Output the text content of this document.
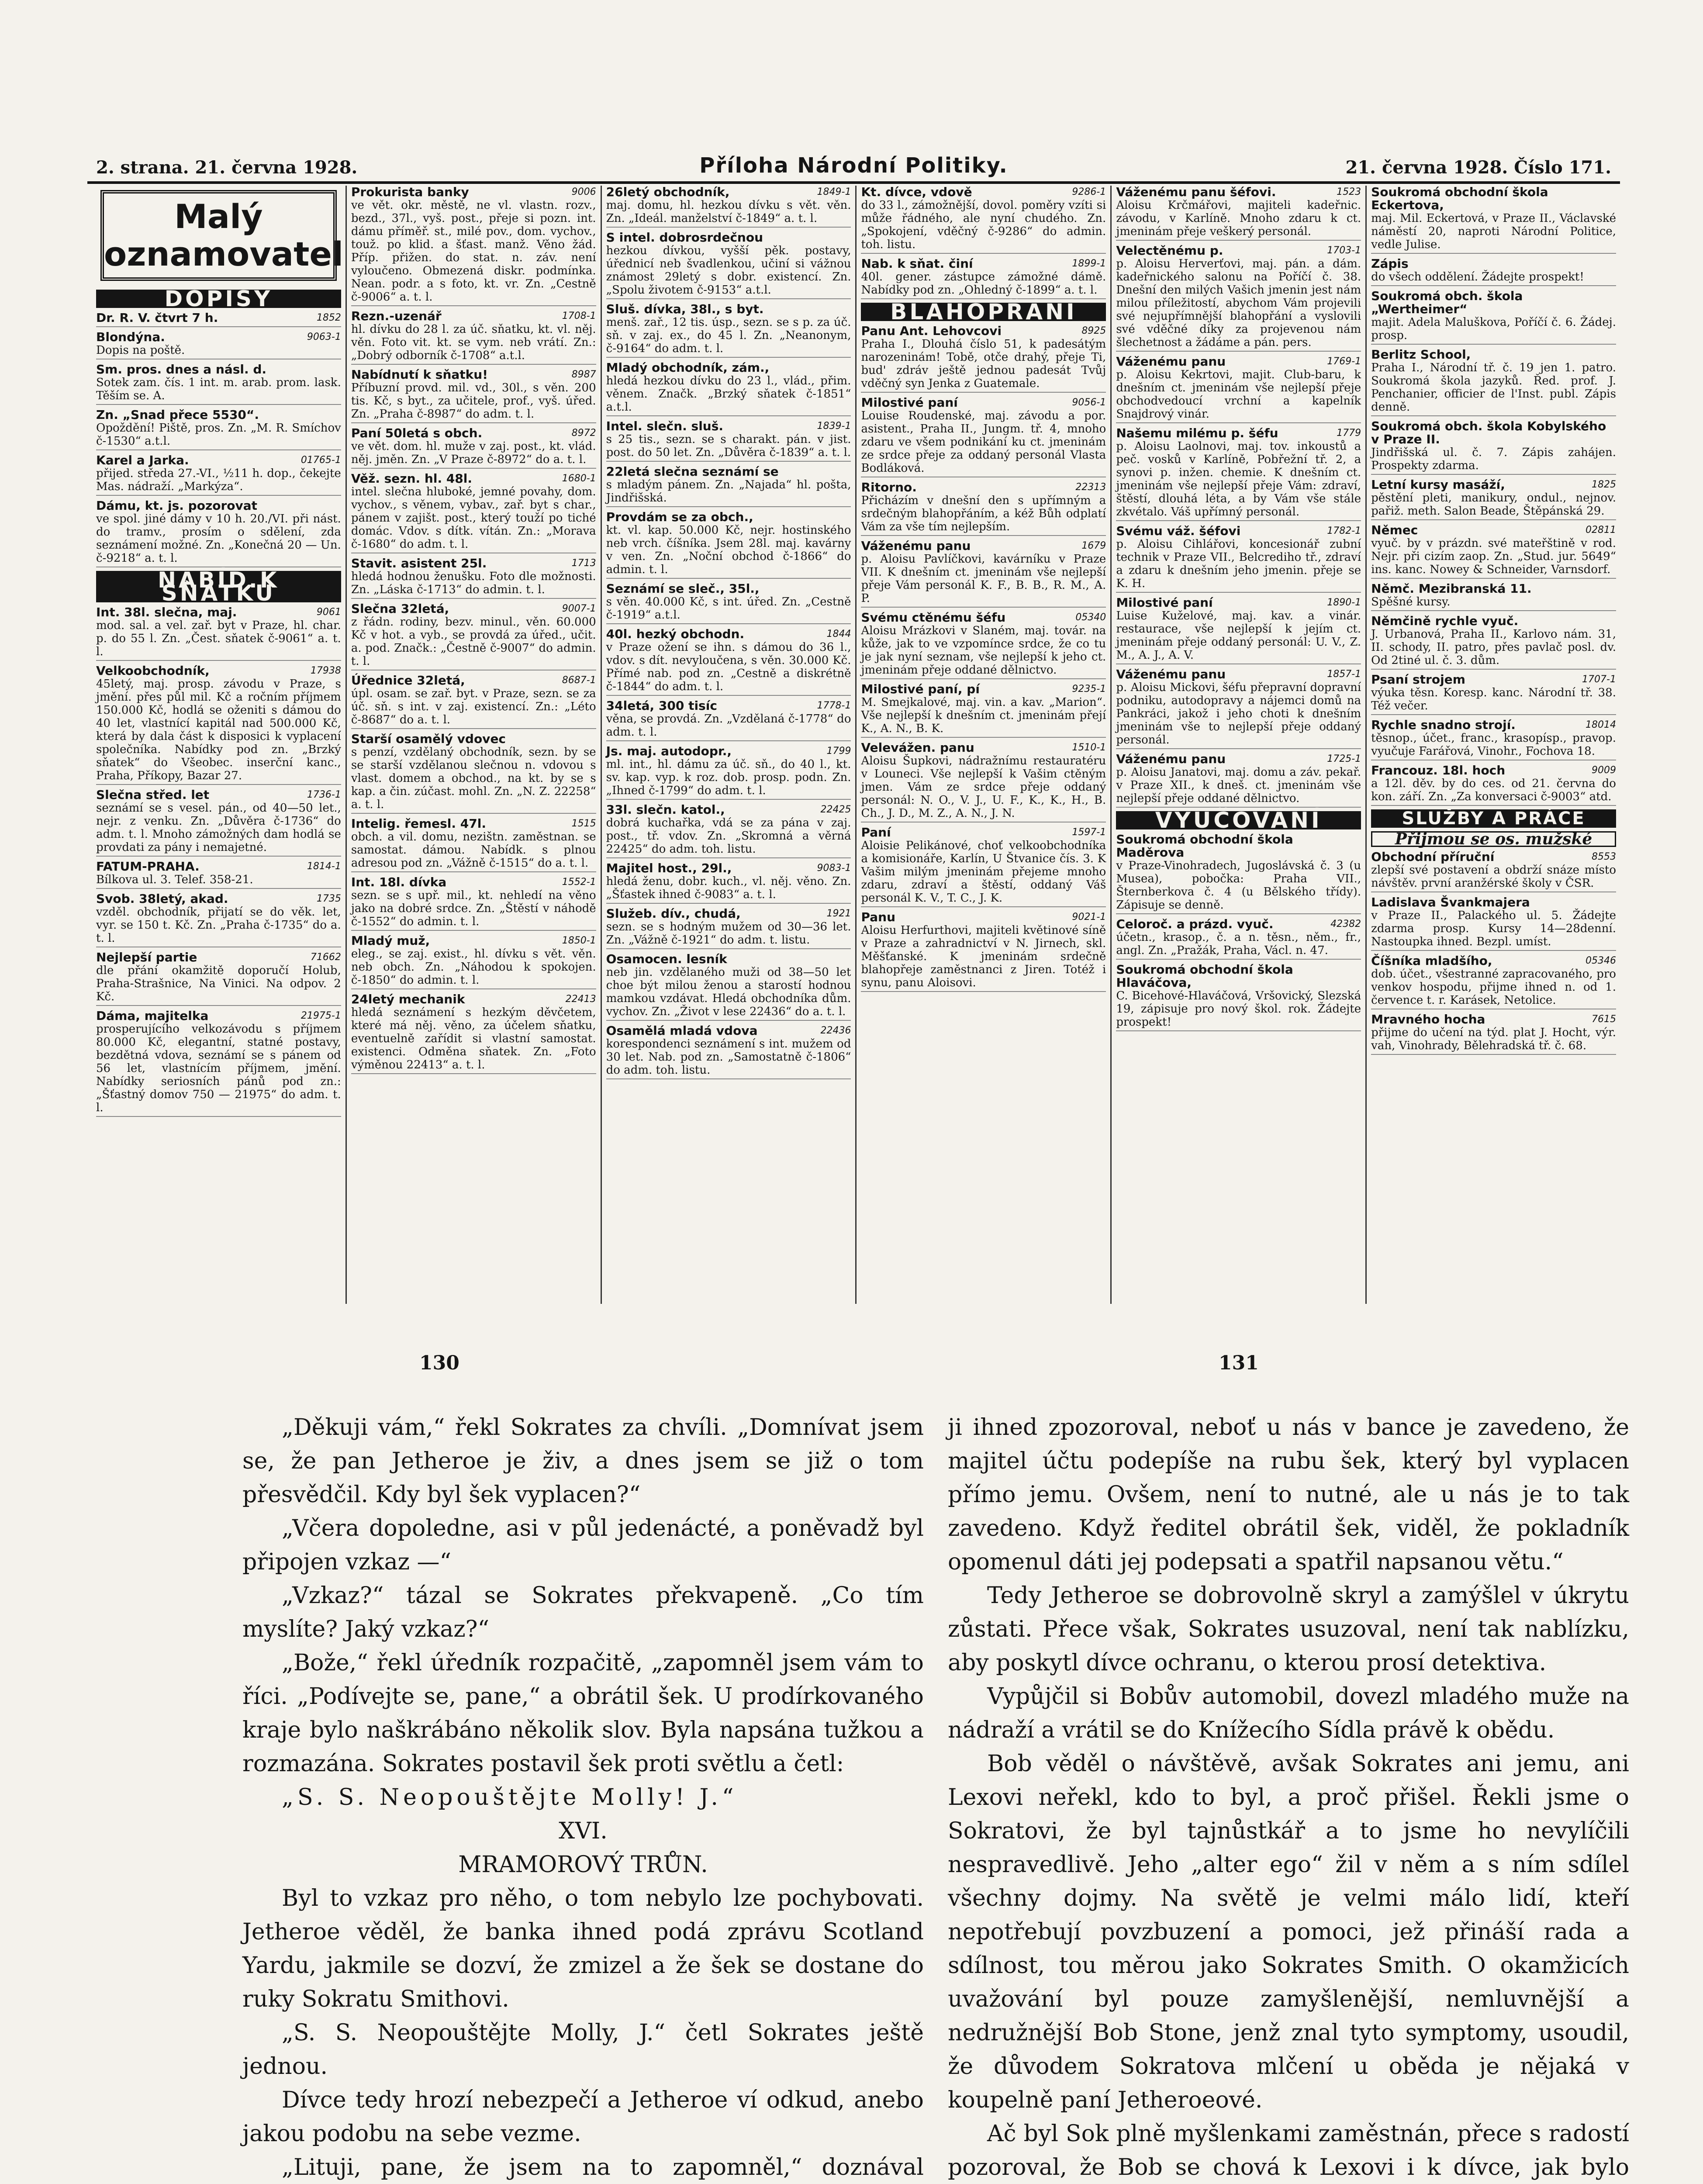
2. strana. 21. června 1928.	Příloha Národní Politiky.	21. června 1928. Číslo 171.
Malý oznamovatel
DOPISY
1852
Dr. R. V. čtvrt 7 h.
9063-1
Blondýna.
Dopis na poště.
Sm. pros. dnes a násl. d.
Sotek zam. čís. 1 int. m. arab. prom. lask. Těším se. A.
Zn. „Snad přece 5530“.
Opoždění! Piště, pros. Zn. „M. R. Smíchov č-1530“ a.t.l.
01765-1
Karel a Jarka.
přijed. středa 27.-VI., ½11 h. dop., čekejte Mas. nádraží. „Markýza“.
Dámu, kt. js. pozorovat
ve spol. jiné dámy v 10 h. 20./VI. při nást. do tramv., prosím o sdělení, zda seznámení možné. Zn. „Konečná 20 — Un. č-9218“ a. t. l.
NABÍD.K SŇATKU
9061
Int. 38l. slečna, maj.
mod. sal. a vel. zař. byt v Praze, hl. char. p. do 55 l. Zn. „Čest. sňatek č-9061“ a. t. l.
17938
Velkoobchodník,
45letý, maj. prosp. závodu v Praze, s jmění. přes půl mil. Kč a ročním příjmem 150.000 Kč, hodlá se oženiti s dámou do 40 let, vlastnící kapitál nad 500.000 Kč, která by dala část k disposici k vyplacení společníka. Nabídky pod zn. „Brzký sňatek“ do Všeobec. inserční kanc., Praha, Příkopy, Bazar 27.
1736-1
Slečna střed. let
seznámí se s vesel. pán., od 40—50 let., nejr. z venku. Zn. „Důvěra č-1736“ do adm. t. l. Mnoho zámožných dam hodlá se provdati za pány i nemajetné.
1814-1
FATUM-PRAHA.
Bílkova ul. 3. Telef. 358-21.
1735
Svob. 38letý, akad.
vzděl. obchodník, přijatí se do věk. let, vyr. se 150 t. Kč. Zn. „Praha č-1735“ do a. t. l.
71662
Nejlepší partie
dle přání okamžitě doporučí Holub, Praha-Strašnice, Na Vinici. Na odpov. 2 Kč.
21975-1
Dáma, majitelka
prosperujícího velkozávodu s příjmem 80.000 Kč, elegantní, statné postavy, bezdětná vdova, seznámí se s pánem od 56 let, vlastnícím příjmem, jmění. Nabídky seriosních pánů pod zn.: „Šťastný domov 750 — 21975“ do adm. t. l.
9006
Prokurista banky
ve vět. okr. městě, ne vl. vlastn. rozv., bezd., 37l., vyš. post., přeje si pozn. int. dámu příměř. st., milé pov., dom. vychov., touž. po klid. a šťast. manž. Věno žád. Příp. přižen. do stat. n. záv. není vyloučeno. Obmezená diskr. podmínka. Nean. podr. a s foto, kt. vr. Zn. „Cestně č-9006“ a. t. l.
1708-1
Rezn.-uzenář
hl. dívku do 28 l. za úč. sňatku, kt. vl. něj. věn. Foto vit. kt. se vym. neb vrátí. Zn.: „Dobrý odborník č-1708“ a.t.l.
8987
Nabídnutí k sňatku!
Příbuzní provd. mil. vd., 30l., s věn. 200 tis. Kč, s byt., za učitele, prof., vyš. úřed. Zn. „Praha č-8987“ do adm. t. l.
8972
Paní 50letá s obch.
ve vět. dom. hl. muže v zaj. post., kt. vlád. něj. jměn. Zn. „V Praze č-8972“ do a. t. l.
1680-1
Věž. sezn. hl. 48l.
intel. slečna hluboké, jemné povahy, dom. vychov., s věnem, vybav., zař. byt s char., pánem v zajišt. post., který touží po tiché domác. Vdov. s dítk. vítán. Zn.: „Morava č-1680“ do adm. t. l.
1713
Stavit. asistent 25l.
hledá hodnou ženušku. Foto dle možnosti. Zn. „Láska č-1713“ do admin. t. l.
9007-1
Slečna 32letá,
z řádn. rodiny, bezv. minul., věn. 60.000 Kč v hot. a vyb., se provdá za úřed., učit. a. pod. Značk.: „Čestně č-9007“ do admin. t. l.
8687-1
Úřednice 32letá,
úpl. osam. se zař. byt. v Praze, sezn. se za úč. sň. s int. v zaj. existencí. Zn.: „Léto č-8687“ do a. t. l.
Starší osamělý vdovec
s penzí, vzdělaný obchodník, sezn. by se se starší vzdělanou slečnou n. vdovou s vlast. domem a obchod., na kt. by se s kap. a čin. zúčast. mohl. Zn. „N. Z. 22258“ a. t. l.
1515
Intelig. řemesl. 47l.
obch. a vil. domu, nezištn. zaměstnan. se samostat. dámou. Nabídk. s plnou adresou pod zn. „Vážně č-1515“ do a. t. l.
1552-1
Int. 18l. dívka
sezn. se s upř. mil., kt. nehledí na věno jako na dobré srdce. Zn. „Štěstí v náhodě č-1552“ do admin. t. l.
1850-1
Mladý muž,
eleg., se zaj. exist., hl. dívku s vět. věn. neb obch. Zn. „Náhodou k spokojen. č-1850“ do admin. t. l.
22413
24letý mechanik
hledá seznámení s hezkým děvčetem, které má něj. věno, za účelem sňatku, eventuelně zařídit si vlastní samostat. existenci. Odměna sňatek. Zn. „Foto výměnou 22413“ a. t. l.
1849-1
26letý obchodník,
maj. domu, hl. hezkou dívku s vět. věn. Zn. „Ideál. manželství č-1849“ a. t. l.
S intel. dobrosrdečnou
hezkou dívkou, vyšší pěk. postavy, úřednicí neb švadlenkou, učiní si vážnou známost 29letý s dobr. existencí. Zn. „Spolu životem č-9153“ a.t.l.
Sluš. dívka, 38l., s byt.
menš. zař., 12 tis. úsp., sezn. se s p. za úč. sň. v zaj. ex., do 45 l. Zn. „Neanonym, č-9164“ do adm. t. l.
Mladý obchodník, zám.,
hledá hezkou dívku do 23 l., vlád., přim. věnem. Značk. „Brzký sňatek č-1851“ a.t.l.
1839-1
Intel. slečn. sluš.
s 25 tis., sezn. se s charakt. pán. v jist. post. do 50 let. Zn. „Důvěra č-1839“ a. t. l.
22letá slečna seznámí se
s mladým pánem. Zn. „Najada“ hl. pošta, Jindřišská.
Provdám se za obch.,
kt. vl. kap. 50.000 Kč, nejr. hostinského neb vrch. číšníka. Jsem 28l. maj. kavárny v ven. Zn. „Noční obchod č-1866“ do admin. t. l.
Seznámí se sleč., 35l.,
s věn. 40.000 Kč, s int. úřed. Zn. „Cestně č-1919“ a.t.l.
1844
40l. hezký obchodn.
v Praze ožení se ihn. s dámou do 36 l., vdov. s dít. nevyloučena, s věn. 30.000 Kč. Přímé nab. pod zn. „Cestně a diskrétně č-1844“ do adm. t. l.
1778-1
34letá, 300 tisíc
věna, se provdá. Zn. „Vzdělaná č-1778“ do adm. t. l.
1799
Js. maj. autodopr.,
ml. int., hl. dámu za úč. sň., do 40 l., kt. sv. kap. vyp. k roz. dob. prosp. podn. Zn. „Ihned č-1799“ do adm. t. l.
22425
33l. slečn. katol.,
dobrá kuchařka, vdá se za pána v zaj. post., tř. vdov. Zn. „Skromná a věrná 22425“ do adm. toh. listu.
9083-1
Majitel host., 29l.,
hledá ženu, dobr. kuch., vl. něj. věno. Zn. „Šťastek ihned č-9083“ a. t. l.
1921
Služeb. dív., chudá,
sezn. se s hodným mužem od 30—36 let. Zn. „Vážně č-1921“ do adm. t. listu.
Osamocen. lesník
neb jin. vzdělaného muži od 38—50 let choe být milou ženou a starostí hodnou mamkou vzdávat. Hledá obchodníka dům. vychov. Zn. „Život v lese 22436“ do a. t. l.
22436
Osamělá mladá vdova
korespondenci seznámení s int. mužem od 30 let. Nab. pod zn. „Samostatně č-1806“ do adm. toh. listu.
9286-1
Kt. dívce, vdově
do 33 l., zámožnější, dovol. poměry vzíti si může řádného, ale nyní chudého. Zn. „Spokojení, vděčný č-9286“ do admin. toh. listu.
1899-1
Nab. k sňat. činí
40l. gener. zástupce zámožné dámě. Nabídky pod zn. „Ohledný č-1899“ a. t. l.
BLAHOPŘÁNÍ
8925
Panu Ant. Lehovcovi
Praha I., Dlouhá číslo 51, k padesátým narozeninám! Tobě, otče drahý, přeje Ti, bud' zdráv ještě jednou padesát Tvůj vděčný syn Jenka z Guatemale.
9056-1
Milostivé paní
Louise Roudenské, maj. závodu a por. asistent., Praha II., Jungm. tř. 4, mnoho zdaru ve všem podnikání ku ct. jmeninám ze srdce přeje za oddaný personál Vlasta Bodláková.
22313
Ritorno.
Přicházím v dnešní den s upřímným a srdečným blahopřáním, a kéž Bůh odplatí Vám za vše tím nejlepším.
1679
Váženému panu
p. Aloisu Pavlíčkovi, kavárníku v Praze VII. K dnešním ct. jmeninám vše nejlepší přeje Vám personál K. F., B. B., R. M., A. P.
05340
Svému ctěnému šéfu
Aloisu Mrázkovi v Slaném, maj. továr. na kůže, jak to ve vzpomínce srdce, že co tu je jak nyní seznam, vše nejlepší k jeho ct. jmeninám přeje oddané dělnictvo.
9235-1
Milostivé paní, pí
M. Smejkalové, maj. vin. a kav. „Marion“. Vše nejlepší k dnešním ct. jmeninám přejí K., A. N., B. K.
1510-1
Velevážen. panu
Aloisu Šupkovi, nádražnímu restauratéru v Louneci. Vše nejlepší k Vašim ctěným jmen. Vám ze srdce přeje oddaný personál: N. O., V. J., U. F., K., K., H., B. Ch., J. D., M. Z., A. N., J. N.
1597-1
Paní
Aloisie Pelikánové, choť velkoobchodníka a komisionáře, Karlín, U Štvanice čís. 3. K Vašim milým jmeninám přejeme mnoho zdaru, zdraví a štěstí, oddaný Váš personál K. V., T. C., J. K.
9021-1
Panu
Aloisu Herfurthovi, majiteli květinové síně v Praze a zahradnictví v N. Jirnech, skl. Měšťanské. K jmeninám srdečně blahopřeje zaměstnanci z Jiren. Totéž i synu, panu Aloisovi.
1523
Váženému panu šéfovi.
Aloisu Krčmářovi, majiteli kadeřnic. závodu, v Karlíně. Mnoho zdaru k ct. jmeninám přeje veškerý personál.
1703-1
Velectěnému p.
p. Aloisu Herverťovi, maj. pán. a dám. kadeřnického salonu na Poříčí č. 38. Dnešní den milých Vašich jmenin jest nám milou příležitostí, abychom Vám projevili své nejupřímnější blahopřání a vyslovili své vděčné díky za projevenou nám šlechetnost a žádáme a pán. pers.
1769-1
Váženému panu
p. Aloisu Kekrtovi, majit. Club-baru, k dnešním ct. jmeninám vše nejlepší přeje obchodvedoucí vrchní a kapelník Snajdrový vinár.
1779
Našemu milému p. šéfu
p. Aloisu Laolnovi, maj. tov. inkoustů a peč. vosků v Karlíně, Pobřežní tř. 2, a synovi p. inžen. chemie. K dnešním ct. jmeninám vše nejlepší přeje Vám: zdraví, štěstí, dlouhá léta, a by Vám vše stále zkvétalo. Váš upřímný personál.
1782-1
Svému váž. šéfovi
p. Aloisu Cihlářovi, koncesionář zubní technik v Praze VII., Belcrediho tř., zdraví a zdaru k dnešním jeho jmenin. přeje se K. H.
1890-1
Milostivé paní
Luise Kuželové, maj. kav. a vinár. restaurace, vše nejlepší k jejím ct. jmeninám přeje oddaný personál: U. V., Z. M., A. J., A. V.
1857-1
Váženému panu
p. Aloisu Mickovi, šéfu přepravní dopravní podniku, autodopravy a nájemci domů na Pankráci, jakož i jeho choti k dnešním jmeninám vše to nejlepší přeje oddaný personál.
1725-1
Váženému panu
p. Aloisu Janatovi, maj. domu a záv. pekař. v Praze XII., k dneš. ct. jmeninám vše nejlepší přeje oddané dělnictvo.
VYUČOVÁNÍ
Soukromá obchodní škola Maděrova
v Praze-Vinohradech, Jugoslávská č. 3 (u Musea), pobočka: Praha VII., Šternberkova č. 4 (u Bělského třídy). Zápisuje se denně.
42382
Celoroč. a prázd. vyuč.
účetn., krasop., č. a n. těsn., něm., fr., angl. Zn. „Pražák, Praha, Václ. n. 47.
Soukromá obchodní škola Hlaváčova,
C. Bicehové-Hlaváčová, Vršovický, Slezská 19, zápisuje pro nový škol. rok. Žádejte prospekt!
Soukromá obchodní škola Eckertova,
maj. Mil. Eckertová, v Praze II., Václavské náměstí 20, naproti Národní Politice, vedle Julise.
Zápis
do všech oddělení. Žádejte prospekt!
Soukromá obch. škola „Wertheimer“
majit. Adela Maluškova, Poříčí č. 6. Žádej. prosp.
Berlitz School,
Praha I., Národní tř. č. 19 jen 1. patro. Soukromá škola jazyků. Řed. prof. J. Penchanier, officier de l'Inst. publ. Zápis denně.
Soukromá obch. škola Kobylského v Praze II.
Jindřišská ul. č. 7. Zápis zahájen. Prospekty zdarma.
1825
Letní kursy masáží,
pěstění pleti, manikury, ondul., nejnov. pařiž. meth. Salon Beade, Štěpánská 29.
02811
Němec
vyuč. by v prázdn. své mateřštině v rod. Nejr. při cizím zaop. Zn. „Stud. jur. 5649“ ins. kanc. Nowey & Schneider, Varnsdorf.
Němč. Mezibranská 11.
Spěšné kursy.
Němčině rychle vyuč.
J. Urbanová, Praha II., Karlovo nám. 31, II. schody, II. patro, přes pavlač posl. dv. Od 2tiné ul. č. 3. dům.
1707-1
Psaní strojem
výuka těsn. Koresp. kanc. Národní tř. 38. Též večer.
18014
Rychle snadno strojí.
těsnop., účet., franc., krasopísp., pravop. vyučuje Farářová, Vinohr., Fochova 18.
9009
Francouz. 18l. hoch
a 12l. děv. by do ces. od 21. června do kon. září. Zn. „Za konversaci č-9003“ atd.
SLUŽBY A PRÁCE
Přijmou se os. mužské
8553
Obchodní příruční
zlepší své postavení a obdrží snáze místo návštěv. první aranžérské školy v ČSR.
Ladislava Švankmajera
v Praze II., Palackého ul. 5. Žádejte zdarma prosp. Kursy 14—28denní. Nastoupka ihned. Bezpl. umíst.
05346
Číšníka mladšího,
dob. účet., všestranné zapracovaného, pro venkov hospodu, přijme ihned n. od 1. července t. r. Karásek, Netolice.
7615
Mravného hocha
přijme do učení na týd. plat J. Hocht, výr. vah, Vinohrady, Bělehradská tř. č. 68.
130	131

„Děkuji vám,“ řekl Sokrates za chvíli. „Domnívat jsem se, že pan Jetheroe je živ, a dnes jsem se již o tom přesvědčil. Kdy byl šek vyplacen?“

„Včera dopoledne, asi v půl jedenácté, a poněvadž byl připojen vzkaz —“

„Vzkaz?“ tázal se Sokrates překvapeně. „Co tím myslíte? Jaký vzkaz?“

„Bože,“ řekl úředník rozpačitě, „zapomněl jsem vám to říci. „Podívejte se, pane,“ a obrátil šek. U prodírkovaného kraje bylo naškrábáno několik slov. Byla napsána tužkou a rozmazána. Sokrates postavil šek proti světlu a četl:

„S. S. Neopouštějte Molly! J.“

XVI.

MRAMOROVÝ TRŮN.

Byl to vzkaz pro něho, o tom nebylo lze pochybovati. Jetheroe věděl, že banka ihned podá zprávu Scotland Yardu, jakmile se dozví, že zmizel a že šek se dostane do ruky Sokratu Smithovi.

„S. S. Neopouštějte Molly, J.“ četl Sokrates ještě jednou.

Dívce tedy hrozí nebezpečí a Jetheroe ví odkud, anebo jakou podobu na sebe vezme.

„Lituji, pane, že jsem na to zapomněl,“ doznával

ji ihned zpozoroval, neboť u nás v bance je zavedeno, že majitel účtu podepíše na rubu šek, který byl vyplacen přímo jemu. Ovšem, není to nutné, ale u nás je to tak zavedeno. Když ředitel obrátil šek, viděl, že pokladník opomenul dáti jej podepsati a spatřil napsanou větu.“

Tedy Jetheroe se dobrovolně skryl a zamýšlel v úkrytu zůstati. Přece však, Sokrates usuzoval, není tak nablízku, aby poskytl dívce ochranu, o kterou prosí detektiva.

Vypůjčil si Bobův automobil, dovezl mladého muže na nádraží a vrátil se do Knížecího Sídla právě k obědu.

Bob věděl o návštěvě, avšak Sokrates ani jemu, ani Lexovi neřekl, kdo to byl, a proč přišel. Řekli jsme o Sokratovi, že byl tajnůstkář a to jsme ho nevylíčili nespravedlivě. Jeho „alter ego“ žil v něm a s ním sdílel všechny dojmy. Na světě je velmi málo lidí, kteří nepotřebují povzbuzení a pomoci, jež přináší rada a sdílnost, tou měrou jako Sokrates Smith. O okamžicích uvažování byl pouze zamyšlenější, nemluvnější a nedružnější Bob Stone, jenž znal tyto symptomy, usoudil, že důvodem Sokratova mlčení u oběda je nějaká v koupelně paní Jetheroeové.

Ač byl Sok plně myšlenkami zaměstnán, přece s radostí pozoroval, že Bob se chová k Lexovi i k dívce, jak bylo
